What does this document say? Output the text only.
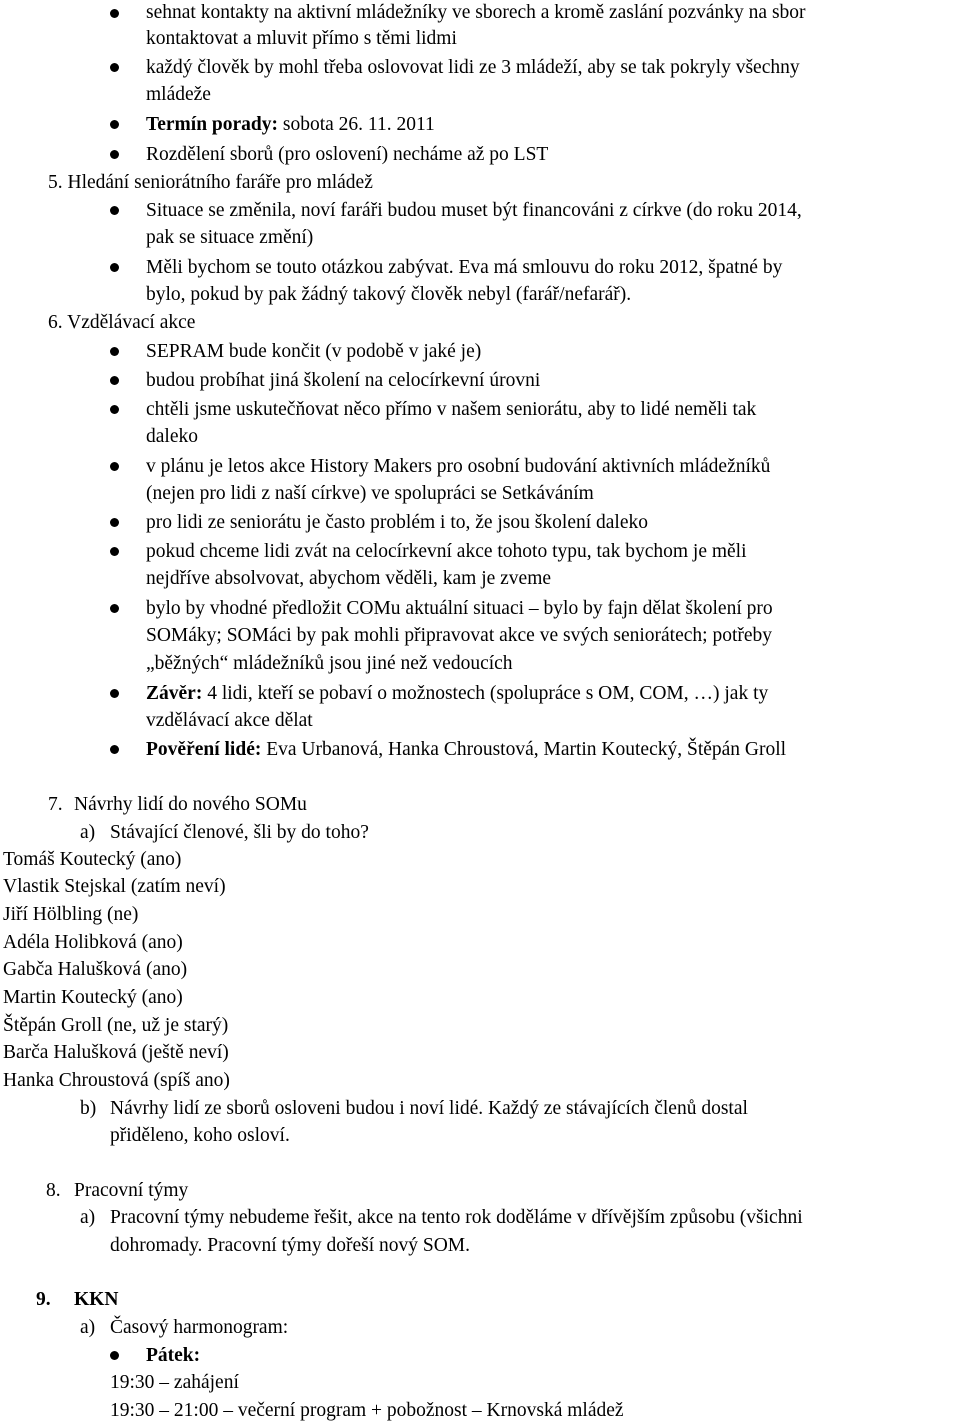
sehnat kontakty na aktivní mládežníky ve sborech a kromě zaslání pozvánky na sbor
kontaktovat a mluvit přímo s těmi lidmi
každý člověk by mohl třeba oslovovat lidi ze 3 mládeží, aby se tak pokryly všechny
mládeže
Termín porady: sobota 26. 11. 2011
Rozdělení sborů (pro oslovení) necháme až po LST
5. Hledání seniorátního faráře pro mládež
Situace se změnila, noví faráři budou muset být financováni z církve (do roku 2014,
pak se situace změní)
Měli bychom se touto otázkou zabývat. Eva má smlouvu do roku 2012, špatné by
bylo, pokud by pak žádný takový člověk nebyl (farář/nefarář).
6. Vzdělávací akce
SEPRAM bude končit (v podobě v jaké je)
budou probíhat jiná školení na celocírkevní úrovni
chtěli jsme uskutečňovat něco přímo v našem seniorátu, aby to lidé neměli tak
daleko
v plánu je letos akce History Makers pro osobní budování aktivních mládežníků
(nejen pro lidi z naší církve) ve spolupráci se Setkáváním
pro lidi ze seniorátu je často problém i to, že jsou školení daleko
pokud chceme lidi zvát na celocírkevní akce tohoto typu, tak bychom je měli
nejdříve absolvovat, abychom věděli, kam je zveme
bylo by vhodné předložit COMu aktuální situaci – bylo by fajn dělat školení pro
SOMáky; SOMáci by pak mohli připravovat akce ve svých seniorátech; potřeby
„běžných“ mládežníků jsou jiné než vedoucích
Závěr: 4 lidi, kteří se pobaví o možnostech (spolupráce s OM, COM, …) jak ty
vzdělávací akce dělat
Pověření lidé: Eva Urbanová, Hanka Chroustová, Martin Koutecký, Štěpán Groll
7. Návrhy lidí do nového SOMu
a) Stávající členové, šli by do toho?
Tomáš Koutecký (ano)
Vlastik Stejskal (zatím neví)
Jiří Hölbling (ne)
Adéla Holibková (ano)
Gabča Halušková (ano)
Martin Koutecký (ano)
Štěpán Groll (ne, už je starý)
Barča Halušková (ještě neví)
Hanka Chroustová (spíš ano)
b) Návrhy lidí ze sborů osloveni budou i noví lidé. Každý ze stávajících členů dostal
přiděleno, koho osloví.
8. Pracovní týmy
a) Pracovní týmy nebudeme řešit, akce na tento rok doděláme v dřívějším způsobu (všichni
dohromady. Pracovní týmy dořeší nový SOM.
9. KKN
a) Časový harmonogram:
Pátek:
19:30 – zahájení
19:30 – 21:00 – večerní program + pobožnost – Krnovská mládež
